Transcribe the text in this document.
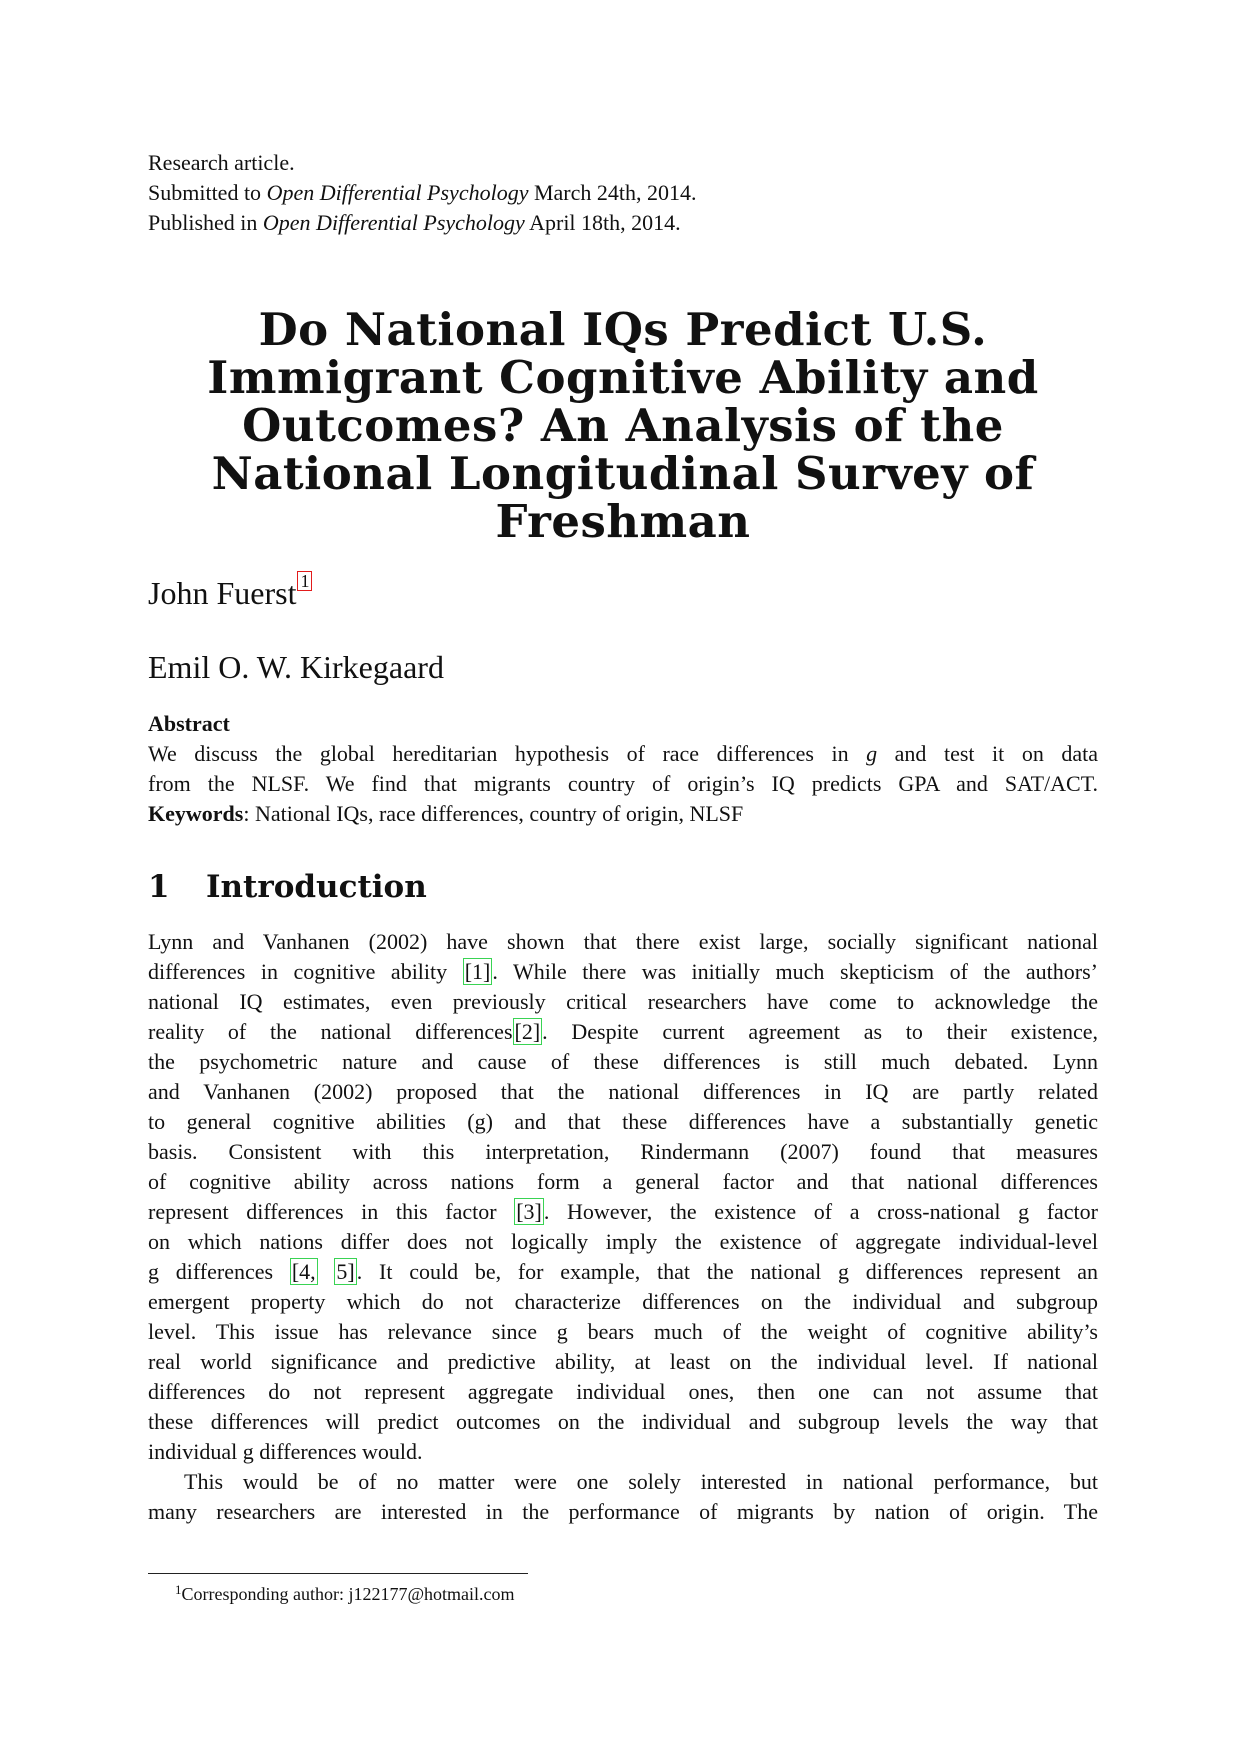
Research article.
Submitted to Open Differential Psychology March 24th, 2014.
Published in Open Differential Psychology April 18th, 2014.
Do National IQs Predict U.S.
Immigrant Cognitive Ability and
Outcomes? An Analysis of the
National Longitudinal Survey of
Freshman
John Fuerst 1
Emil O. W. Kirkegaard
Abstract
We discuss the global hereditarian hypothesis of race differences in g and test it on data
from the NLSF. We find that migrants country of origin’s IQ predicts GPA and SAT/ACT.
Keywords: National IQs, race differences, country of origin, NLSF
1 Introduction
Lynn and Vanhanen (2002) have shown that there exist large, socially significant national
differences in cognitive ability [1]. While there was initially much skepticism of the authors’
national IQ estimates, even previously critical researchers have come to acknowledge the
reality of the national differences[2]. Despite current agreement as to their existence,
the psychometric nature and cause of these differences is still much debated. Lynn
and Vanhanen (2002) proposed that the national differences in IQ are partly related
to general cognitive abilities (g) and that these differences have a substantially genetic
basis. Consistent with this interpretation, Rindermann (2007) found that measures
of cognitive ability across nations form a general factor and that national differences
represent differences in this factor [3]. However, the existence of a cross-national g factor
on which nations differ does not logically imply the existence of aggregate individual-level
g differences [4, 5]. It could be, for example, that the national g differences represent an
emergent property which do not characterize differences on the individual and subgroup
level. This issue has relevance since g bears much of the weight of cognitive ability’s
real world significance and predictive ability, at least on the individual level. If national
differences do not represent aggregate individual ones, then one can not assume that
these differences will predict outcomes on the individual and subgroup levels the way that
individual g differences would.
This would be of no matter were one solely interested in national performance, but
many researchers are interested in the performance of migrants by nation of origin. The
$^1$Corresponding author: j122177@hotmail.com
